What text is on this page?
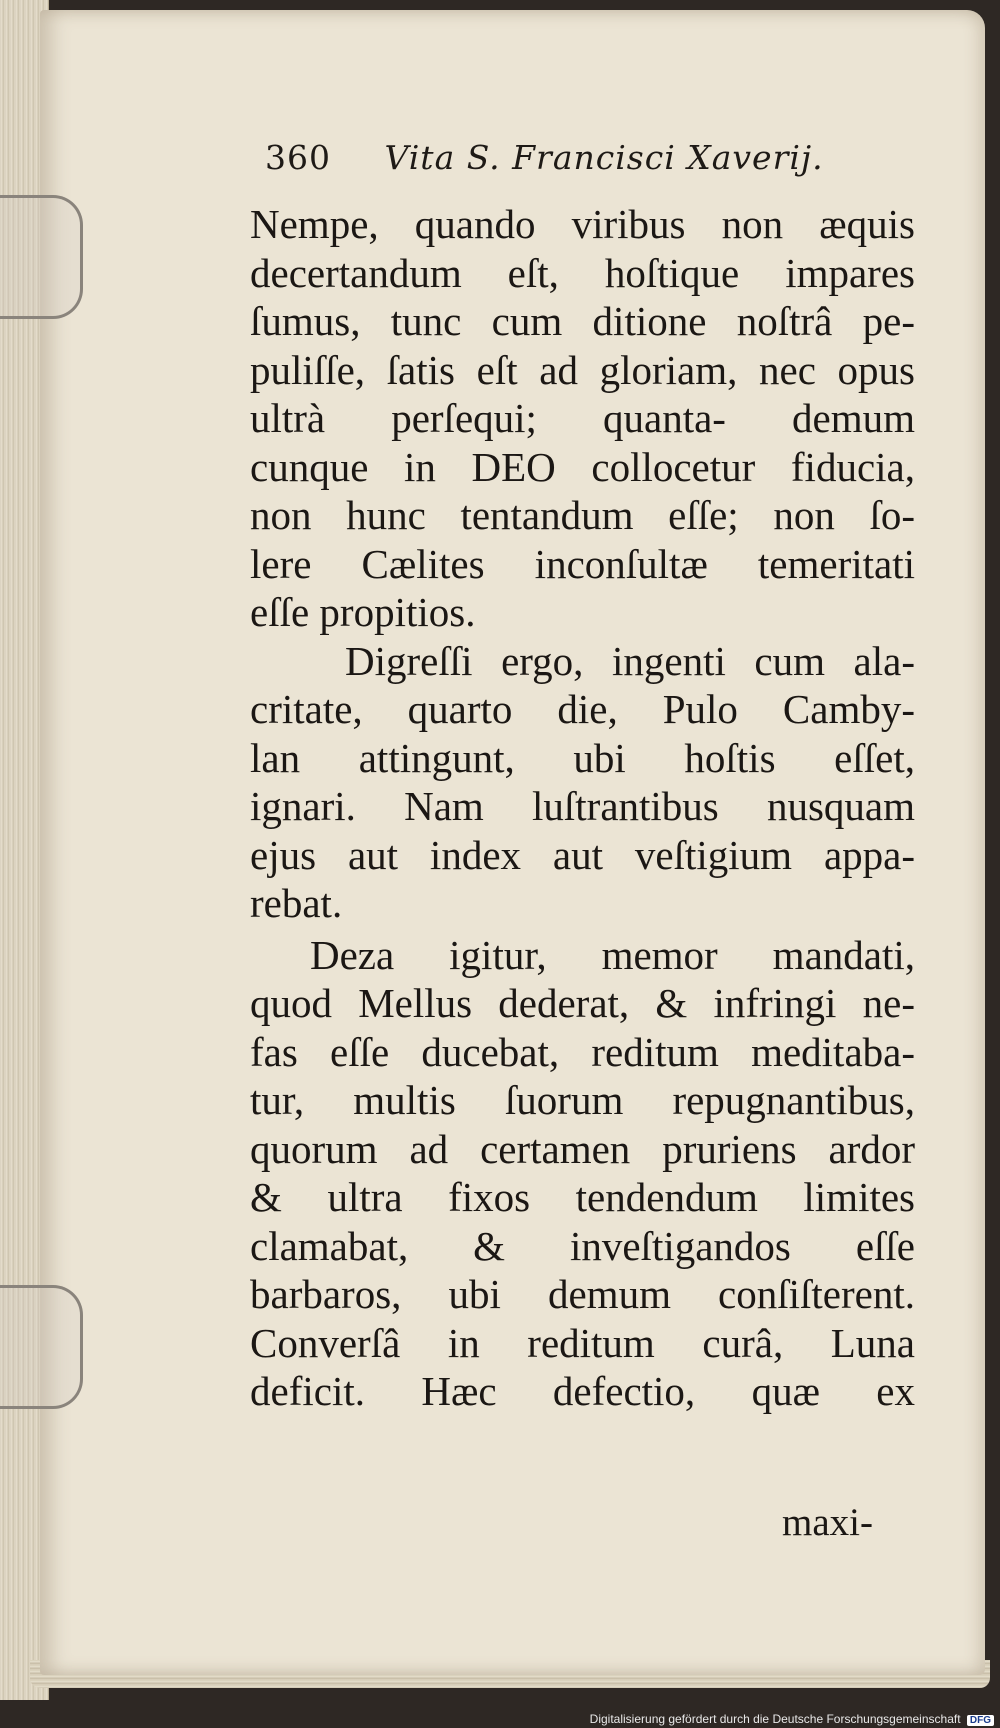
360 Vita S. Francisci Xaverij.
Nempe, quando viribus non æquis
decertandum eſt, hoſtique impares
ſumus, tunc cum ditione noſtrâ pe-
puliſſe, ſatis eſt ad gloriam, nec opus
ultrà perſequi; quanta- demum
cunque in DEO collocetur fiducia,
non hunc tentandum eſſe; non ſo-
lere Cælites inconſultæ temeritati
eſſe propitios.
Digreſſi ergo, ingenti cum ala-
critate, quarto die, Pulo Camby-
lan attingunt, ubi hoſtis eſſet,
ignari. Nam luſtrantibus nusquam
ejus aut index aut veſtigium appa-
rebat.
Deza igitur, memor mandati,
quod Mellus dederat, & infringi ne-
fas eſſe ducebat, reditum meditaba-
tur, multis ſuorum repugnantibus,
quorum ad certamen pruriens ardor
& ultra fixos tendendum limites
clamabat, & inveſtigandos eſſe
barbaros, ubi demum conſiſterent.
Converſâ in reditum curâ, Luna
deficit. Hæc defectio, quæ ex
maxi-
Digitalisierung gefördert durch die Deutsche Forschungsgemeinschaft DFG
